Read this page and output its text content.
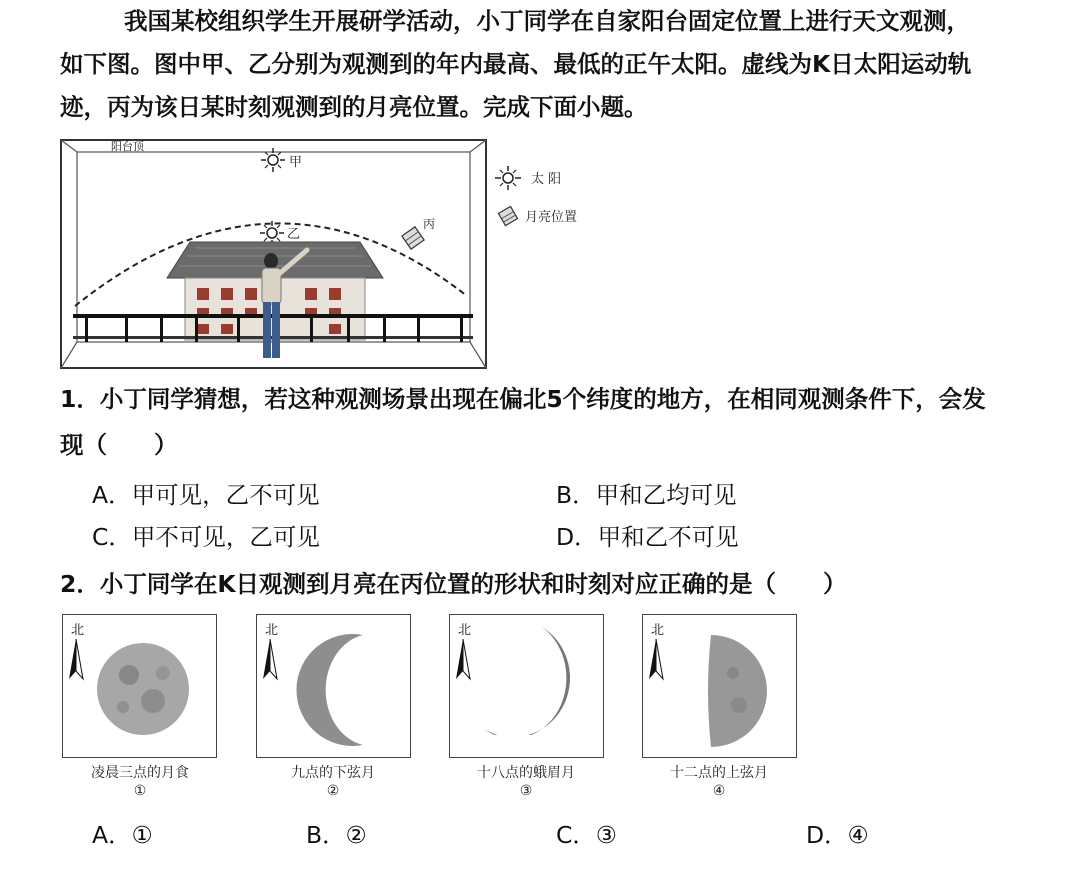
我国某校组织学生开展研学活动，小丁同学在自家阳台固定位置上进行天文观测，
如下图。图中甲、乙分别为观测到的年内最高、最低的正午太阳。虚线为K日太阳运动轨
迹，丙为该日某时刻观测到的月亮位置。完成下面小题。
阳台顶
甲
乙
丙
太 阳
月亮位置
1．小丁同学猜想，若这种观测场景出现在偏北5个纬度的地方，在相同观测条件下，会发
现（　　）
A．甲可见，乙不可见	B．甲和乙均可见
C．甲不可见，乙可见	D．甲和乙不可见
2．小丁同学在K日观测到月亮在丙位置的形状和时刻对应正确的是（　　）
北
凌晨三点的月食
①
北
九点的下弦月
②
北
十八点的蛾眉月
③
北
十二点的上弦月
④
A．①	B．②	C．③	D．④
